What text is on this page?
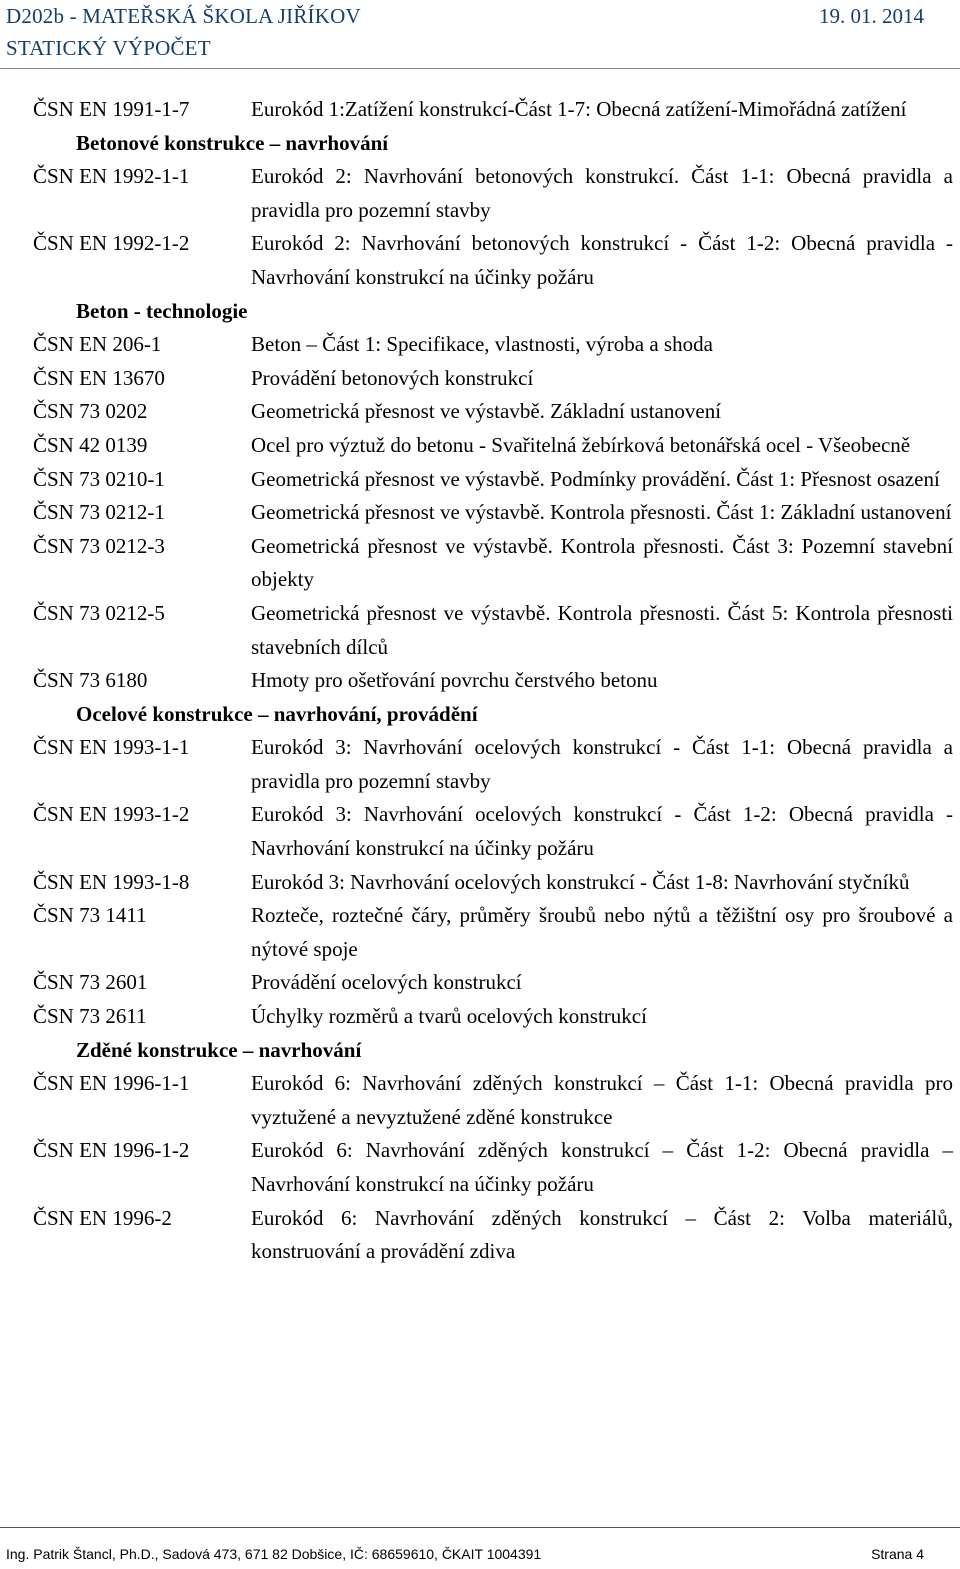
D202b - MATEŘSKÁ ŠKOLA JIŘÍKOV
STATICKÝ VÝPOČET
19. 01. 2014
ČSN EN 1991-1-7	Eurokód 1:Zatížení konstrukcí-Část 1-7: Obecná zatížení-Mimořádná zatížení
Betonové konstrukce – navrhování
ČSN EN 1992-1-1	Eurokód 2: Navrhování betonových konstrukcí. Část 1-1: Obecná pravidla a pravidla pro pozemní stavby
ČSN EN 1992-1-2	Eurokód 2: Navrhování betonových konstrukcí - Část 1-2: Obecná pravidla - Navrhování konstrukcí na účinky požáru
Beton - technologie
ČSN EN 206-1	Beton – Část 1: Specifikace, vlastnosti, výroba a shoda
ČSN EN 13670	Provádění betonových konstrukcí
ČSN 73 0202	Geometrická přesnost ve výstavbě. Základní ustanovení
ČSN 42 0139	Ocel pro výztuž do betonu - Svařitelná žebírková betonářská ocel - Všeobecně
ČSN 73 0210-1	Geometrická přesnost ve výstavbě. Podmínky provádění. Část 1: Přesnost osazení
ČSN 73 0212-1	Geometrická přesnost ve výstavbě. Kontrola přesnosti. Část 1: Základní ustanovení
ČSN 73 0212-3	Geometrická přesnost ve výstavbě. Kontrola přesnosti. Část 3: Pozemní stavební objekty
ČSN 73 0212-5	Geometrická přesnost ve výstavbě. Kontrola přesnosti. Část 5: Kontrola přesnosti stavebních dílců
ČSN 73 6180	Hmoty pro ošetřování povrchu čerstvého betonu
Ocelové konstrukce – navrhování, provádění
ČSN EN 1993-1-1	Eurokód 3: Navrhování ocelových konstrukcí - Část 1-1: Obecná pravidla a pravidla pro pozemní stavby
ČSN EN 1993-1-2	Eurokód 3: Navrhování ocelových konstrukcí - Část 1-2: Obecná pravidla - Navrhování konstrukcí na účinky požáru
ČSN EN 1993-1-8	Eurokód 3: Navrhování ocelových konstrukcí - Část 1-8: Navrhování styčníků
ČSN 73 1411	Rozteče, roztečné čáry, průměry šroubů nebo nýtů a těžištní osy pro šroubové a nýtové spoje
ČSN 73 2601	Provádění ocelových konstrukcí
ČSN 73 2611	Úchylky rozměrů a tvarů ocelových konstrukcí
Zděné konstrukce – navrhování
ČSN EN 1996-1-1	Eurokód 6: Navrhování zděných konstrukcí – Část 1-1: Obecná pravidla pro vyztužené a nevyztužené zděné konstrukce
ČSN EN 1996-1-2	Eurokód 6: Navrhování zděných konstrukcí – Část 1-2: Obecná pravidla – Navrhování konstrukcí na účinky požáru
ČSN EN 1996-2	Eurokód 6: Navrhování zděných konstrukcí – Část 2: Volba materiálů, konstruování a provádění zdiva
Ing. Patrik Štancl, Ph.D., Sadová 473, 671 82 Dobšice, IČ: 68659610, ČKAIT 1004391	Strana 4
